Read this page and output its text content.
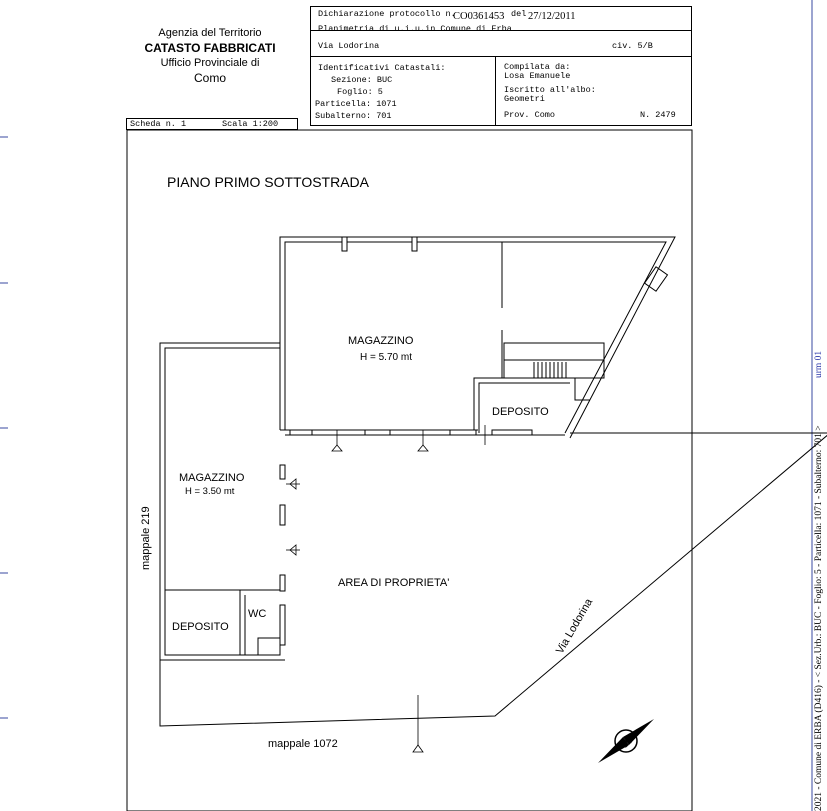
Agenzia del Territorio
CATASTO FABBRICATI
Ufficio Provinciale di
Como
Dichiarazione protocollo n.
CO0361453 del 27/12/2011
Planimetria di u.i.u.in Comune di Erba
Via Lodorina	civ. 5/B
Identificativi Catastali:
Sezione: BUC
Foglio: 5
Particella: 1071
Subalterno: 701
Compilata da:
Losa Emanuele
Iscritto all'albo:
Geometri
Prov. Como	N. 2479
Scheda n. 1	Scala 1:200
N
PIANO PRIMO SOTTOSTRADA
MAGAZZINO
H = 5.70 mt
DEPOSITO
MAGAZZINO
H = 3.50 mt
AREA DI PROPRIETA'
DEPOSITO
WC	Via Lodorina
mappale 219
mappale 1072	2021 - Comune di ERBA (D416) - < Sez.Urb.: BUC - Foglio: 5 - Particella: 1071 - Subalterno: 701 >
urm 01
